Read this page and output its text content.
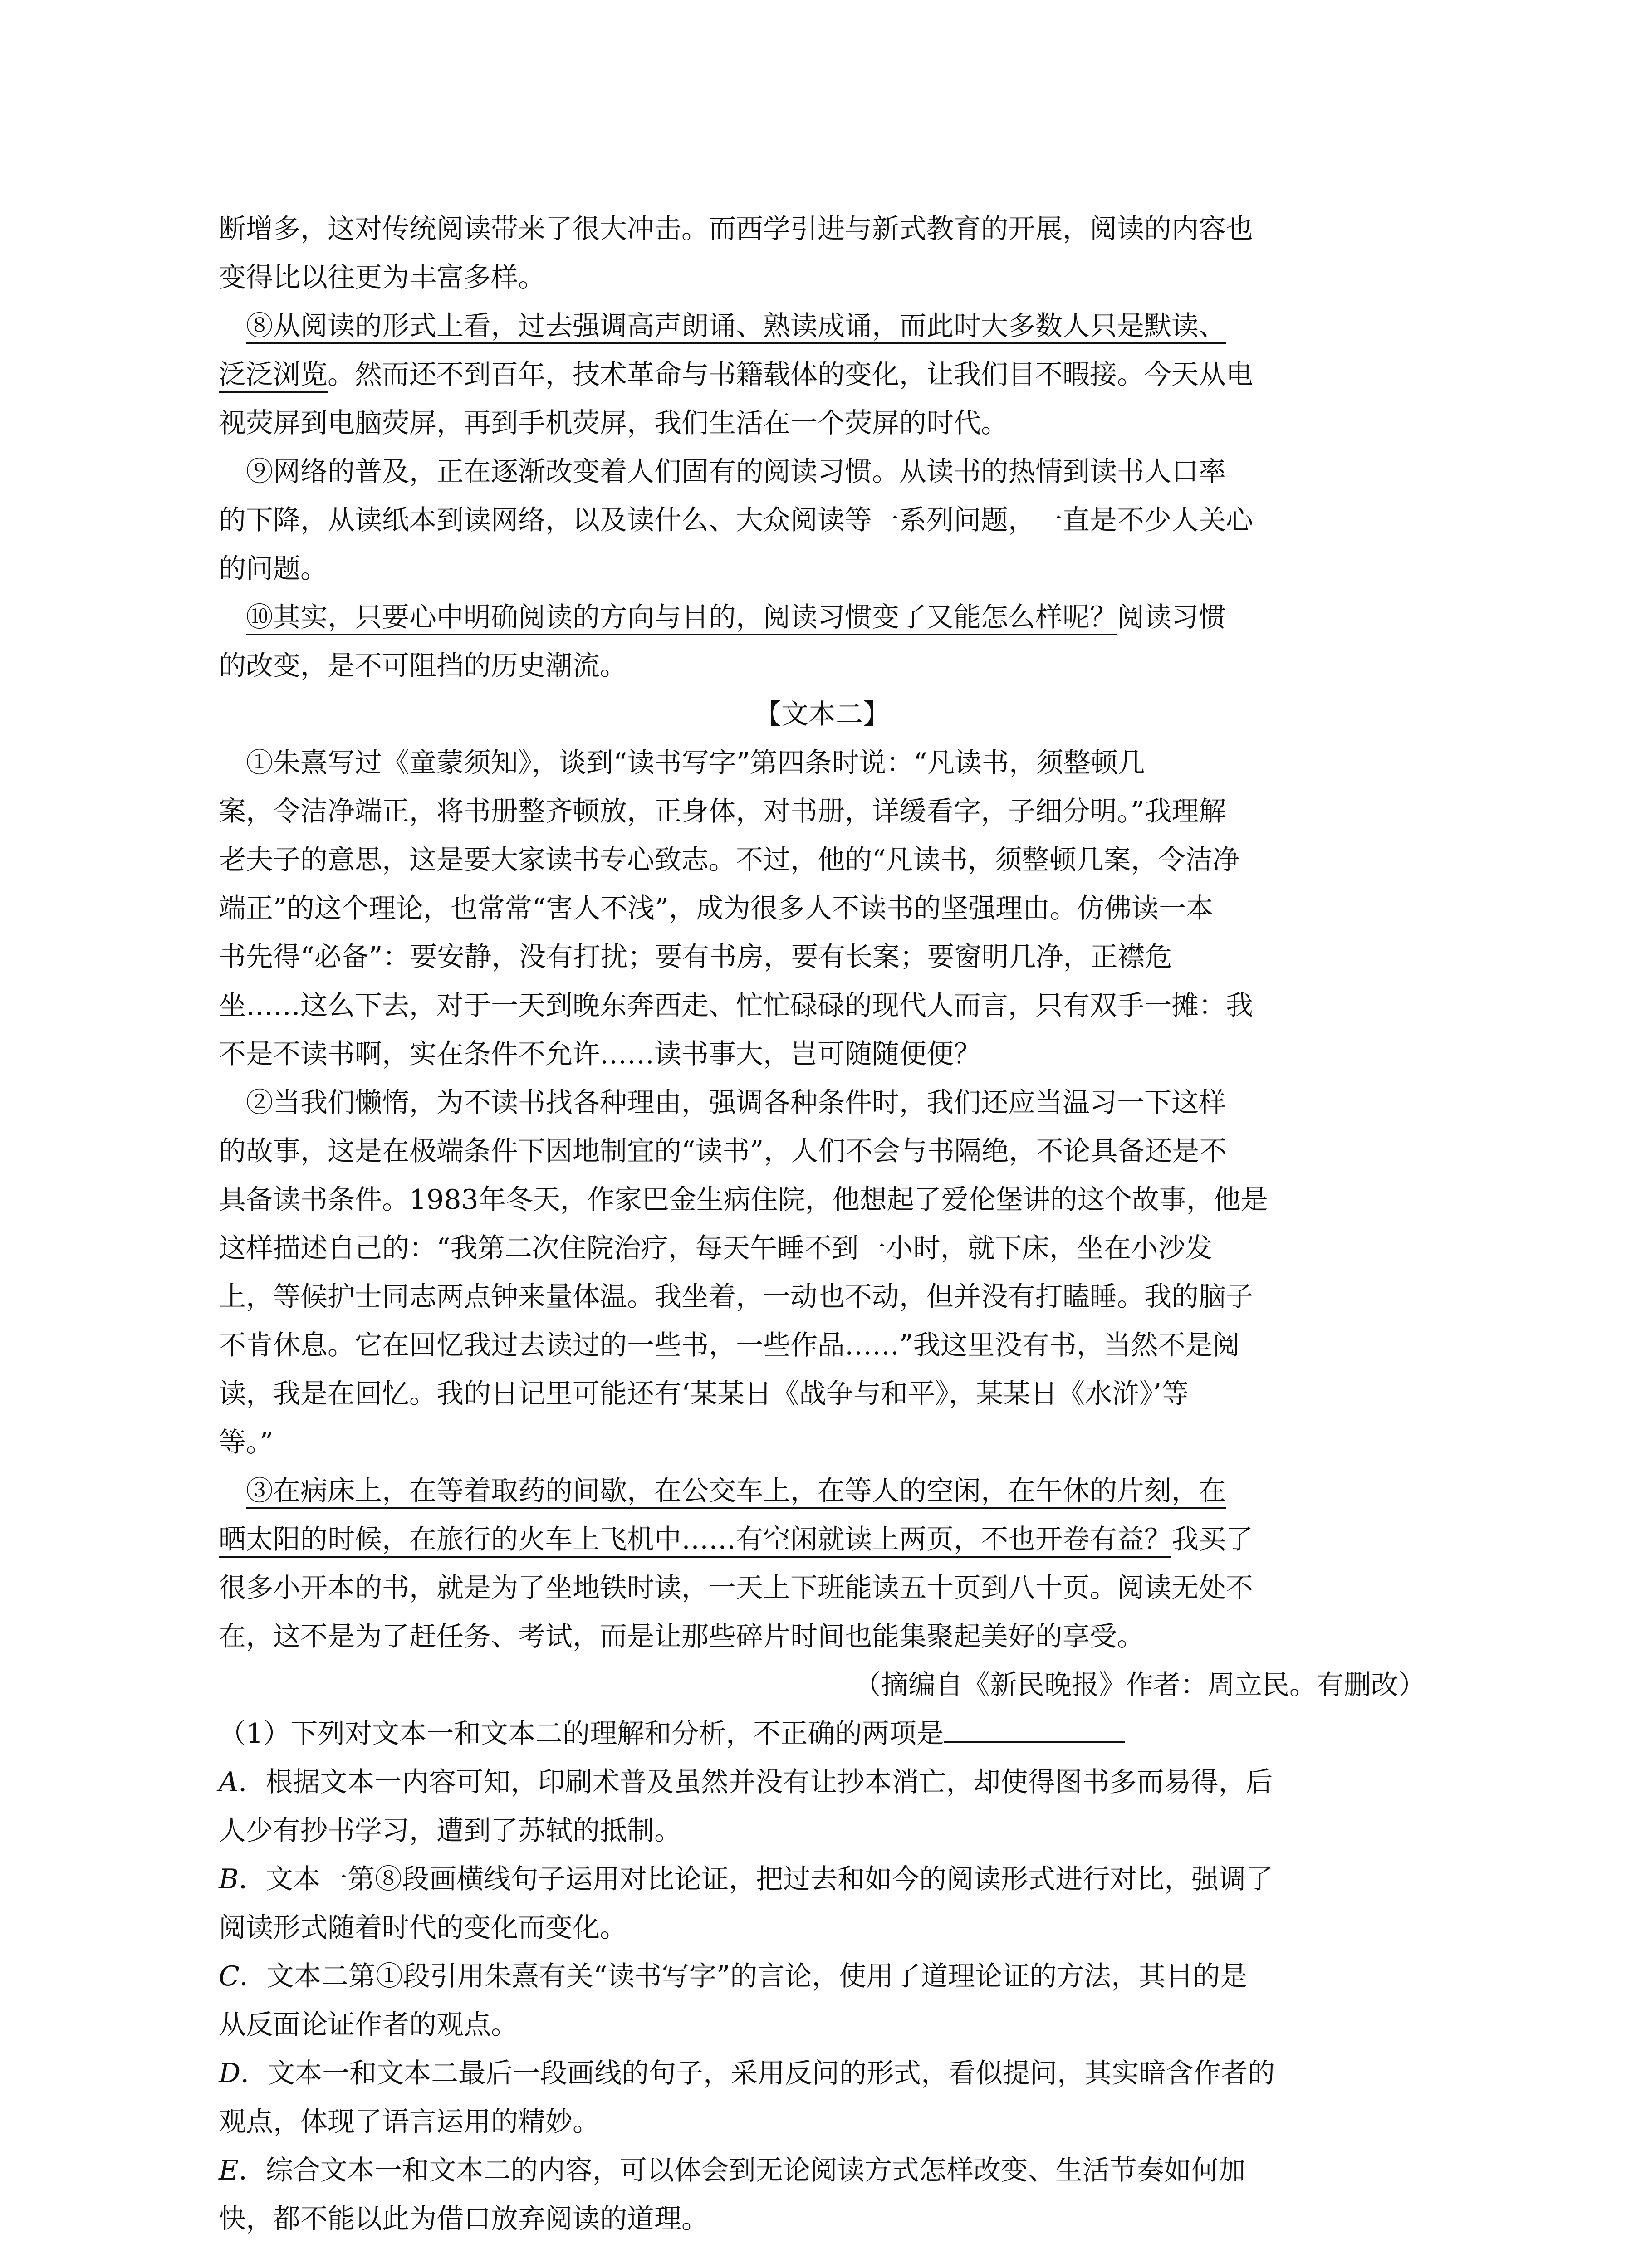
断增多，这对传统阅读带来了很大冲击。而西学引进与新式教育的开展，阅读的内容也

变得比以往更为丰富多样。

⑧从阅读的形式上看，过去强调高声朗诵、熟读成诵，而此时大多数人只是默读、

泛泛浏览。然而还不到百年，技术革命与书籍载体的变化，让我们目不暇接。今天从电

视荧屏到电脑荧屏，再到手机荧屏，我们生活在一个荧屏的时代。

⑨网络的普及，正在逐渐改变着人们固有的阅读习惯。从读书的热情到读书人口率

的下降，从读纸本到读网络，以及读什么、大众阅读等一系列问题，一直是不少人关心

的问题。

⑩其实，只要心中明确阅读的方向与目的，阅读习惯变了又能怎么样呢？阅读习惯

的改变，是不可阻挡的历史潮流。

【文本二】

①朱熹写过《童蒙须知》，谈到“读书写字”第四条时说：“凡读书，须整顿几

案，令洁净端正，将书册整齐顿放，正身体，对书册，详缓看字，子细分明。”我理解

老夫子的意思，这是要大家读书专心致志。不过，他的“凡读书，须整顿几案，令洁净

端正”的这个理论，也常常“害人不浅”，成为很多人不读书的坚强理由。仿佛读一本

书先得“必备”：要安静，没有打扰；要有书房，要有长案；要窗明几净，正襟危

坐……这么下去，对于一天到晚东奔西走、忙忙碌碌的现代人而言，只有双手一摊：我

不是不读书啊，实在条件不允许……读书事大，岂可随随便便？

②当我们懒惰，为不读书找各种理由，强调各种条件时，我们还应当温习一下这样

的故事，这是在极端条件下因地制宜的“读书”，人们不会与书隔绝，不论具备还是不

具备读书条件。1983年冬天，作家巴金生病住院，他想起了爱伦堡讲的这个故事，他是

这样描述自己的：“我第二次住院治疗，每天午睡不到一小时，就下床，坐在小沙发

上，等候护士同志两点钟来量体温。我坐着，一动也不动，但并没有打瞌睡。我的脑子

不肯休息。它在回忆我过去读过的一些书，一些作品……”我这里没有书，当然不是阅

读，我是在回忆。我的日记里可能还有‘某某日《战争与和平》，某某日《水浒》’等

等。”

③在病床上，在等着取药的间歇，在公交车上，在等人的空闲，在午休的片刻，在

晒太阳的时候，在旅行的火车上飞机中……有空闲就读上两页，不也开卷有益？我买了

很多小开本的书，就是为了坐地铁时读，一天上下班能读五十页到八十页。阅读无处不

在，这不是为了赶任务、考试，而是让那些碎片时间也能集聚起美好的享受。

（摘编自《新民晚报》作者：周立民。有删改）

（1）下列对文本一和文本二的理解和分析，不正确的两项是

A．根据文本一内容可知，印刷术普及虽然并没有让抄本消亡，却使得图书多而易得，后

人少有抄书学习，遭到了苏轼的抵制。

B．文本一第⑧段画横线句子运用对比论证，把过去和如今的阅读形式进行对比，强调了

阅读形式随着时代的变化而变化。

C．文本二第①段引用朱熹有关“读书写字”的言论，使用了道理论证的方法，其目的是

从反面论证作者的观点。

D．文本一和文本二最后一段画线的句子，采用反问的形式，看似提问，其实暗含作者的

观点，体现了语言运用的精妙。

E．综合文本一和文本二的内容，可以体会到无论阅读方式怎样改变、生活节奏如何加

快，都不能以此为借口放弃阅读的道理。
